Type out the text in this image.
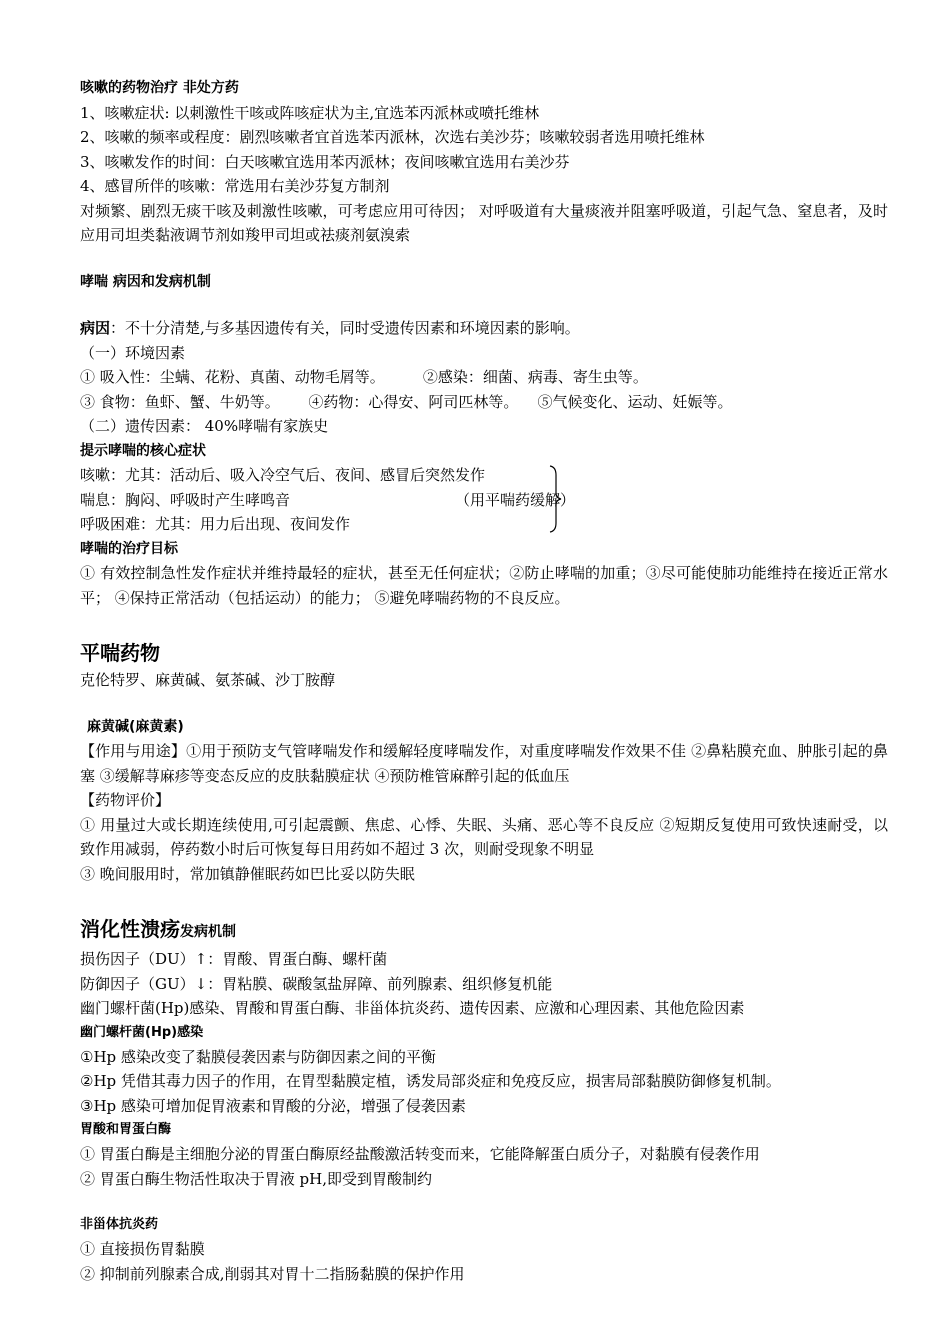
咳嗽的药物治疗 非处方药
1、咳嗽症状: 以刺激性干咳或阵咳症状为主,宜选苯丙派林或喷托维林
2、咳嗽的频率或程度：剧烈咳嗽者宜首选苯丙派林，次选右美沙芬；咳嗽较弱者选用喷托维林
3、咳嗽发作的时间：白天咳嗽宜选用苯丙派林；夜间咳嗽宜选用右美沙芬
4、感冒所伴的咳嗽：常选用右美沙芬复方制剂
对频繁、剧烈无痰干咳及刺激性咳嗽，可考虑应用可待因； 对呼吸道有大量痰液并阻塞呼吸道，引起气急、窒息者，及时应用司坦类黏液调节剂如羧甲司坦或祛痰剂氨溴索
哮喘 病因和发病机制
病因：不十分清楚,与多基因遗传有关，同时受遗传因素和环境因素的影响。
（一）环境因素
① 吸入性：尘螨、花粉、真菌、动物毛屑等。        ②感染：细菌、病毒、寄生虫等。
③ 食物：鱼虾、蟹、牛奶等。      ④药物：心得安、阿司匹林等。    ⑤气候变化、运动、妊娠等。
（二）遗传因素： 40%哮喘有家族史
提示哮喘的核心症状
咳嗽：尤其：活动后、吸入冷空气后、夜间、感冒后突然发作
喘息：胸闷、呼吸时产生哮鸣音	（用平喘药缓解）
呼吸困难：尤其：用力后出现、夜间发作
哮喘的治疗目标
① 有效控制急性发作症状并维持最轻的症状，甚至无任何症状；②防止哮喘的加重；③尽可能使肺功能维持在接近正常水平； ④保持正常活动（包括运动）的能力； ⑤避免哮喘药物的不良反应。
平喘药物
克伦特罗、麻黄碱、氨茶碱、沙丁胺醇
麻黄碱(麻黄素)
【作用与用途】①用于预防支气管哮喘发作和缓解轻度哮喘发作，对重度哮喘发作效果不佳 ②鼻粘膜充血、肿胀引起的鼻塞 ③缓解荨麻疹等变态反应的皮肤黏膜症状 ④预防椎管麻醉引起的低血压
【药物评价】
① 用量过大或长期连续使用,可引起震颤、焦虑、心悸、失眠、头痛、恶心等不良反应 ②短期反复使用可致快速耐受，以致作用减弱，停药数小时后可恢复每日用药如不超过 3 次，则耐受现象不明显
③ 晚间服用时，常加镇静催眠药如巴比妥以防失眠
消化性溃疡发病机制
损伤因子（DU）↑：胃酸、胃蛋白酶、螺杆菌
防御因子（GU）↓：胃粘膜、碳酸氢盐屏障、前列腺素、组织修复机能
幽门螺杆菌(Hp)感染、胃酸和胃蛋白酶、非甾体抗炎药、遗传因素、应激和心理因素、其他危险因素
幽门螺杆菌(Hp)感染
①Hp 感染改变了黏膜侵袭因素与防御因素之间的平衡
②Hp 凭借其毒力因子的作用，在胃型黏膜定植，诱发局部炎症和免疫反应，损害局部黏膜防御修复机制。
③Hp 感染可增加促胃液素和胃酸的分泌，增强了侵袭因素
胃酸和胃蛋白酶
① 胃蛋白酶是主细胞分泌的胃蛋白酶原经盐酸激活转变而来，它能降解蛋白质分子，对黏膜有侵袭作用
② 胃蛋白酶生物活性取决于胃液 pH,即受到胃酸制约
非甾体抗炎药
① 直接损伤胃黏膜
② 抑制前列腺素合成,削弱其对胃十二指肠黏膜的保护作用
